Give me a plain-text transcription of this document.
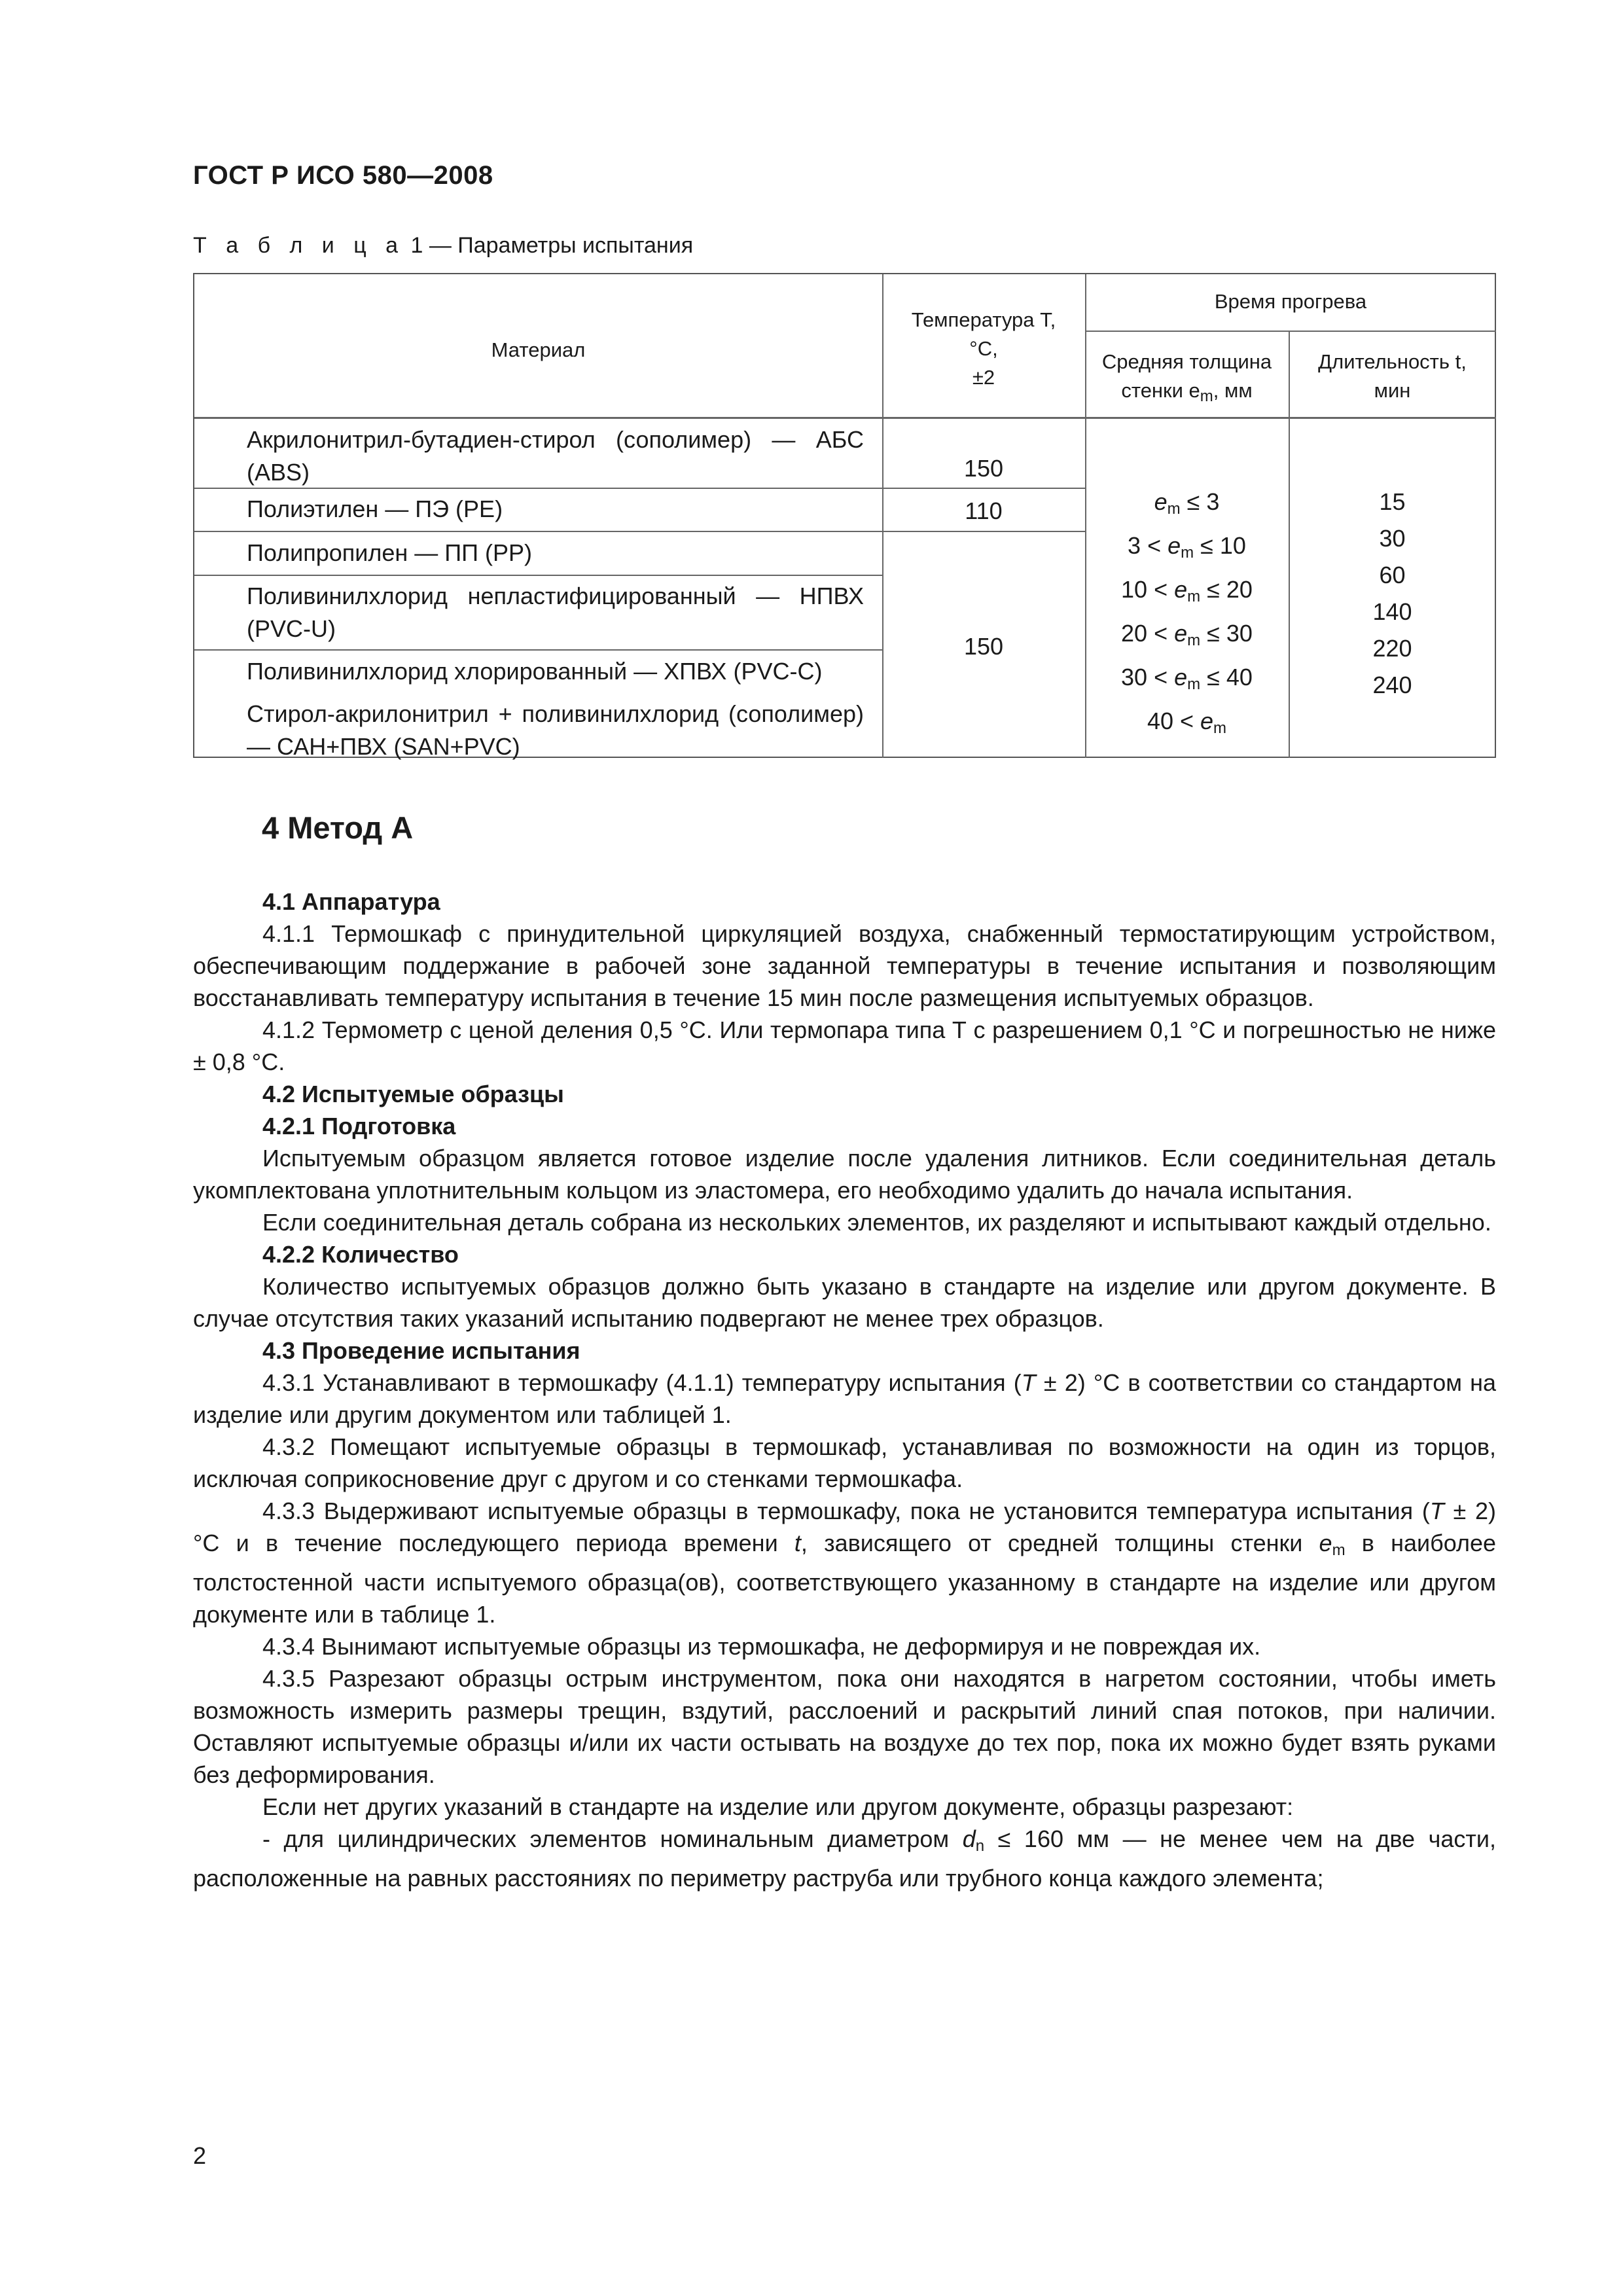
ГОСТ Р ИСО 580—2008
Т а б л и ц а 1 — Параметры испытания
Материал
Температура T,
°С,
±2
Время прогрева
Средняя толщина
стенки $e_m$, мм
Длительность t,
мин
Акрилонитрил-бутадиен-стирол (сополимер) — АБС (ABS)
Полиэтилен — ПЭ (PE)
Полипропилен — ПП (PP)
Поливинилхлорид непластифицированный — НПВХ (PVC-U)
Поливинилхлорид хлорированный — ХПВХ (PVC-C)
Стирол-акрилонитрил + поливинилхлорид (сополимер) — САН+ПВХ (SAN+PVC)
150
110
150
$e_m \le 3$
$3 < e_m \le 10$
$10 < e_m \le 20$
$20 < e_m \le 30$
$30 < e_m \le 40$
$40 < e_m$
15
30
60
140
220
240
4 Метод А

4.1 Аппаратура

4.1.1 Термошкаф с принудительной циркуляцией воздуха, снабженный термостатирующим устройством, обеспечивающим поддержание в рабочей зоне заданной температуры в течение испытания и позволяющим восстанавливать температуру испытания в течение 15 мин после размещения испытуемых образцов.

4.1.2 Термометр с ценой деления 0,5 °С. Или термопара типа Т с разрешением 0,1 °С и погрешностью не ниже ± 0,8 °С.

4.2 Испытуемые образцы

4.2.1 Подготовка

Испытуемым образцом является готовое изделие после удаления литников. Если соединительная деталь укомплектована уплотнительным кольцом из эластомера, его необходимо удалить до начала испытания.

Если соединительная деталь собрана из нескольких элементов, их разделяют и испытывают каждый отдельно.

4.2.2 Количество

Количество испытуемых образцов должно быть указано в стандарте на изделие или другом документе. В случае отсутствия таких указаний испытанию подвергают не менее трех образцов.

4.3 Проведение испытания

4.3.1 Устанавливают в термошкафу (4.1.1) температуру испытания (T ± 2) °С в соответствии со стандартом на изделие или другим документом или таблицей 1.

4.3.2 Помещают испытуемые образцы в термошкаф, устанавливая по возможности на один из торцов, исключая соприкосновение друг с другом и со стенками термошкафа.

4.3.3 Выдерживают испытуемые образцы в термошкафу, пока не установится температура испытания (T ± 2) °С и в течение последующего периода времени t, зависящего от средней толщины стенки $e_m$ в наиболее толстостенной части испытуемого образца(ов), соответствующего указанному в стандарте на изделие или другом документе или в таблице 1.

4.3.4 Вынимают испытуемые образцы из термошкафа, не деформируя и не повреждая их.

4.3.5 Разрезают образцы острым инструментом, пока они находятся в нагретом состоянии, чтобы иметь возможность измерить размеры трещин, вздутий, расслоений и раскрытий линий спая потоков, при наличии. Оставляют испытуемые образцы и/или их части остывать на воздухе до тех пор, пока их можно будет взять руками без деформирования.

Если нет других указаний в стандарте на изделие или другом документе, образцы разрезают:

- для цилиндрических элементов номинальным диаметром $d_n \le 160$ мм — не менее чем на две части, расположенные на равных расстояниях по периметру раструба или трубного конца каждого элемента;

2
